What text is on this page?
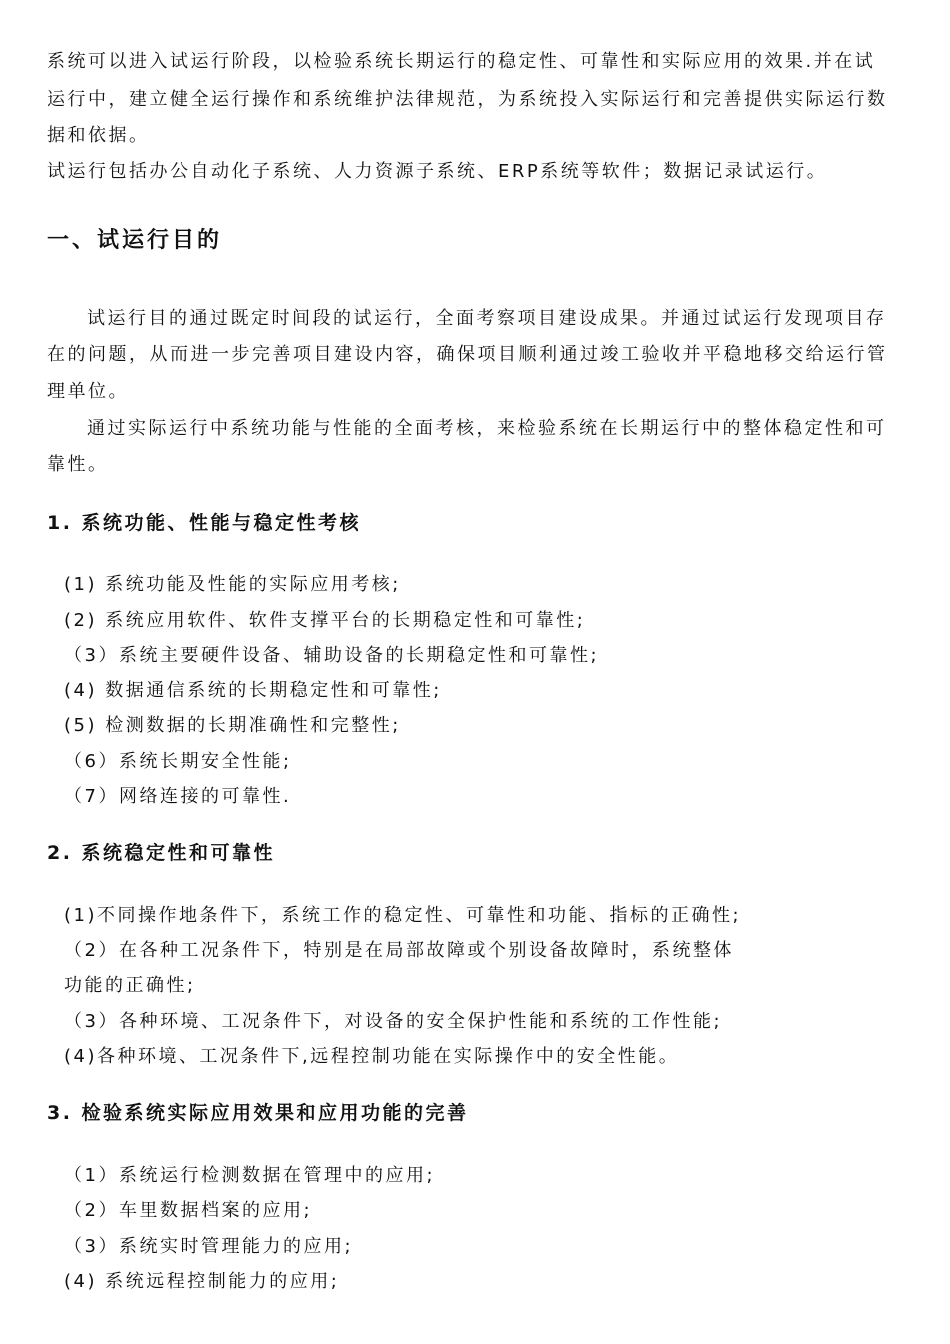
系统可以进入试运行阶段，以检验系统长期运行的稳定性、可靠性和实际应用的效果.并在试
运行中，建立健全运行操作和系统维护法律规范，为系统投入实际运行和完善提供实际运行数
据和依据。
试运行包括办公自动化子系统、人力资源子系统、ERP系统等软件；数据记录试运行。
一、试运行目的
试运行目的通过既定时间段的试运行，全面考察项目建设成果。并通过试运行发现项目存
在的问题，从而进一步完善项目建设内容，确保项目顺利通过竣工验收并平稳地移交给运行管
理单位。
通过实际运行中系统功能与性能的全面考核，来检验系统在长期运行中的整体稳定性和可
靠性。
1. 系统功能、性能与稳定性考核
(1) 系统功能及性能的实际应用考核;
(2) 系统应用软件、软件支撑平台的长期稳定性和可靠性;
（3）系统主要硬件设备、辅助设备的长期稳定性和可靠性;
(4) 数据通信系统的长期稳定性和可靠性;
(5) 检测数据的长期准确性和完整性;
（6）系统长期安全性能;
（7）网络连接的可靠性.
2. 系统稳定性和可靠性
(1)不同操作地条件下，系统工作的稳定性、可靠性和功能、指标的正确性;
（2）在各种工况条件下，特别是在局部故障或个别设备故障时，系统整体
功能的正确性;
（3）各种环境、工况条件下，对设备的安全保护性能和系统的工作性能;
(4)各种环境、工况条件下,远程控制功能在实际操作中的安全性能。
3. 检验系统实际应用效果和应用功能的完善
（1）系统运行检测数据在管理中的应用;
（2）车里数据档案的应用;
（3）系统实时管理能力的应用;
(4) 系统远程控制能力的应用;
